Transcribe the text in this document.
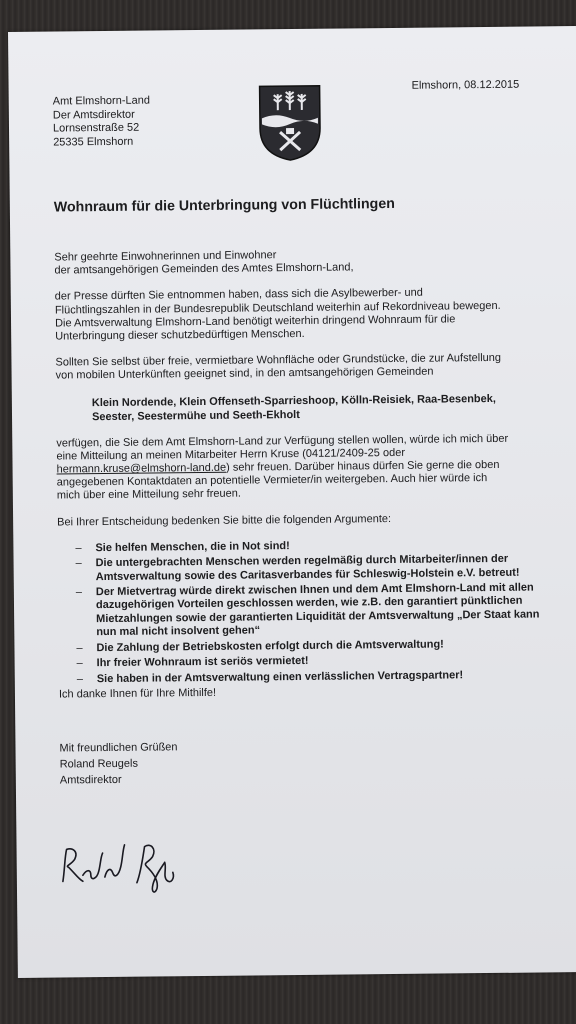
Amt Elmshorn-Land
Der Amtsdirektor
Lornsenstraße 52
25335 Elmshorn
Elmshorn, 08.12.2015
Wohnraum für die Unterbringung von Flüchtlingen

Sehr geehrte Einwohnerinnen und Einwohner

der amtsangehörigen Gemeinden des Amtes Elmshorn-Land,

der Presse dürften Sie entnommen haben, dass sich die Asylbewerber- und

Flüchtlingszahlen in der Bundesrepublik Deutschland weiterhin auf Rekordniveau bewegen.

Die Amtsverwaltung Elmshorn-Land benötigt weiterhin dringend Wohnraum für die

Unterbringung dieser schutzbedürftigen Menschen.

Sollten Sie selbst über freie, vermietbare Wohnfläche oder Grundstücke, die zur Aufstellung

von mobilen Unterkünften geeignet sind, in den amtsangehörigen Gemeinden

Klein Nordende, Klein Offenseth-Sparrieshoop, Kölln-Reisiek, Raa-Besenbek,
Seester, Seestermühe und Seeth-Ekholt

verfügen, die Sie dem Amt Elmshorn-Land zur Verfügung stellen wollen, würde ich mich über

eine Mitteilung an meinen Mitarbeiter Herrn Kruse (04121/2409-25 oder

hermann.kruse@elmshorn-land.de) sehr freuen. Darüber hinaus dürfen Sie gerne die oben

angegebenen Kontaktdaten an potentielle Vermieter/in weitergeben. Auch hier würde ich

mich über eine Mitteilung sehr freuen.

Bei Ihrer Entscheidung bedenken Sie bitte die folgenden Argumente:

– Sie helfen Menschen, die in Not sind!
– Die untergebrachten Menschen werden regelmäßig durch Mitarbeiter/innen der Amtsverwaltung sowie des Caritasverbandes für Schleswig-Holstein e.V. betreut!
– Der Mietvertrag würde direkt zwischen Ihnen und dem Amt Elmshorn-Land mit allen dazugehörigen Vorteilen geschlossen werden, wie z.B. den garantiert pünktlichen Mietzahlungen sowie der garantierten Liquidität der Amtsverwaltung „Der Staat kann nun mal nicht insolvent gehen“
– Die Zahlung der Betriebskosten erfolgt durch die Amtsverwaltung!
– Ihr freier Wohnraum ist seriös vermietet!
– Sie haben in der Amtsverwaltung einen verlässlichen Vertragspartner!

Ich danke Ihnen für Ihre Mithilfe!

Mit freundlichen Grüßen
Roland Reugels
Amtsdirektor
